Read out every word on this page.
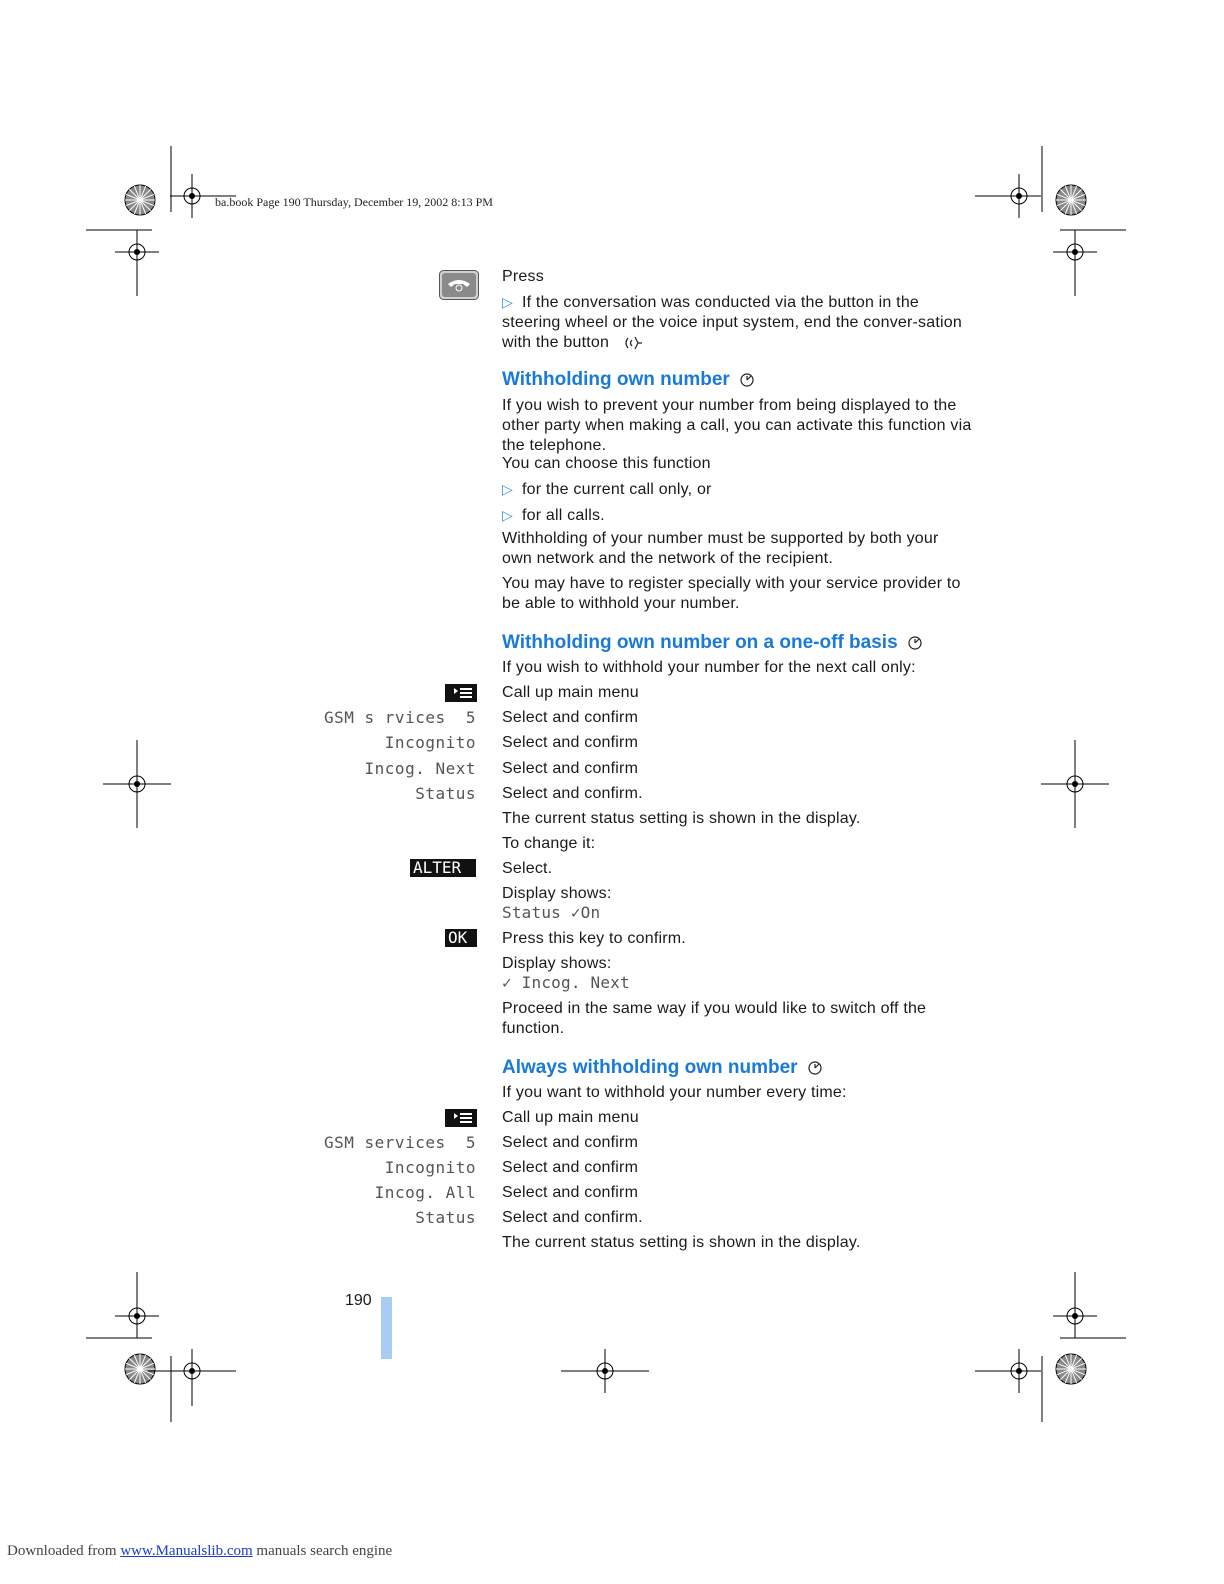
ba.book Page 190 Thursday, December 19, 2002 8:13 PM
Press
▷ If the conversation was conducted via the button in the steering wheel or the voice input system, end the conver-sation with the button
Withholding own number
If you wish to prevent your number from being displayed to the other party when making a call, you can activate this function via the telephone.
You can choose this function
▷ for the current call only, or
▷ for all calls.
Withholding of your number must be supported by both your own network and the network of the recipient.
You may have to register specially with your service provider to be able to withhold your number.
Withholding own number on a one-off basis
If you wish to withhold your number for the next call only:
Call up main menu
GSM s rvices  5 Select and confirm
Incognito Select and confirm
Incog. Next Select and confirm
Status Select and confirm.
The current status setting is shown in the display.
To change it:
ALTER	Select.
Display shows:
Status ✓On
OK	Press this key to confirm.
Display shows:
✓ Incog. Next
Proceed in the same way if you would like to switch off the function.
Always withholding own number
If you want to withhold your number every time:
Call up main menu
GSM services  5 Select and confirm
Incognito Select and confirm
Incog. All Select and confirm
Status Select and confirm.
The current status setting is shown in the display.
190
Downloaded from www.Manualslib.com manuals search engine
